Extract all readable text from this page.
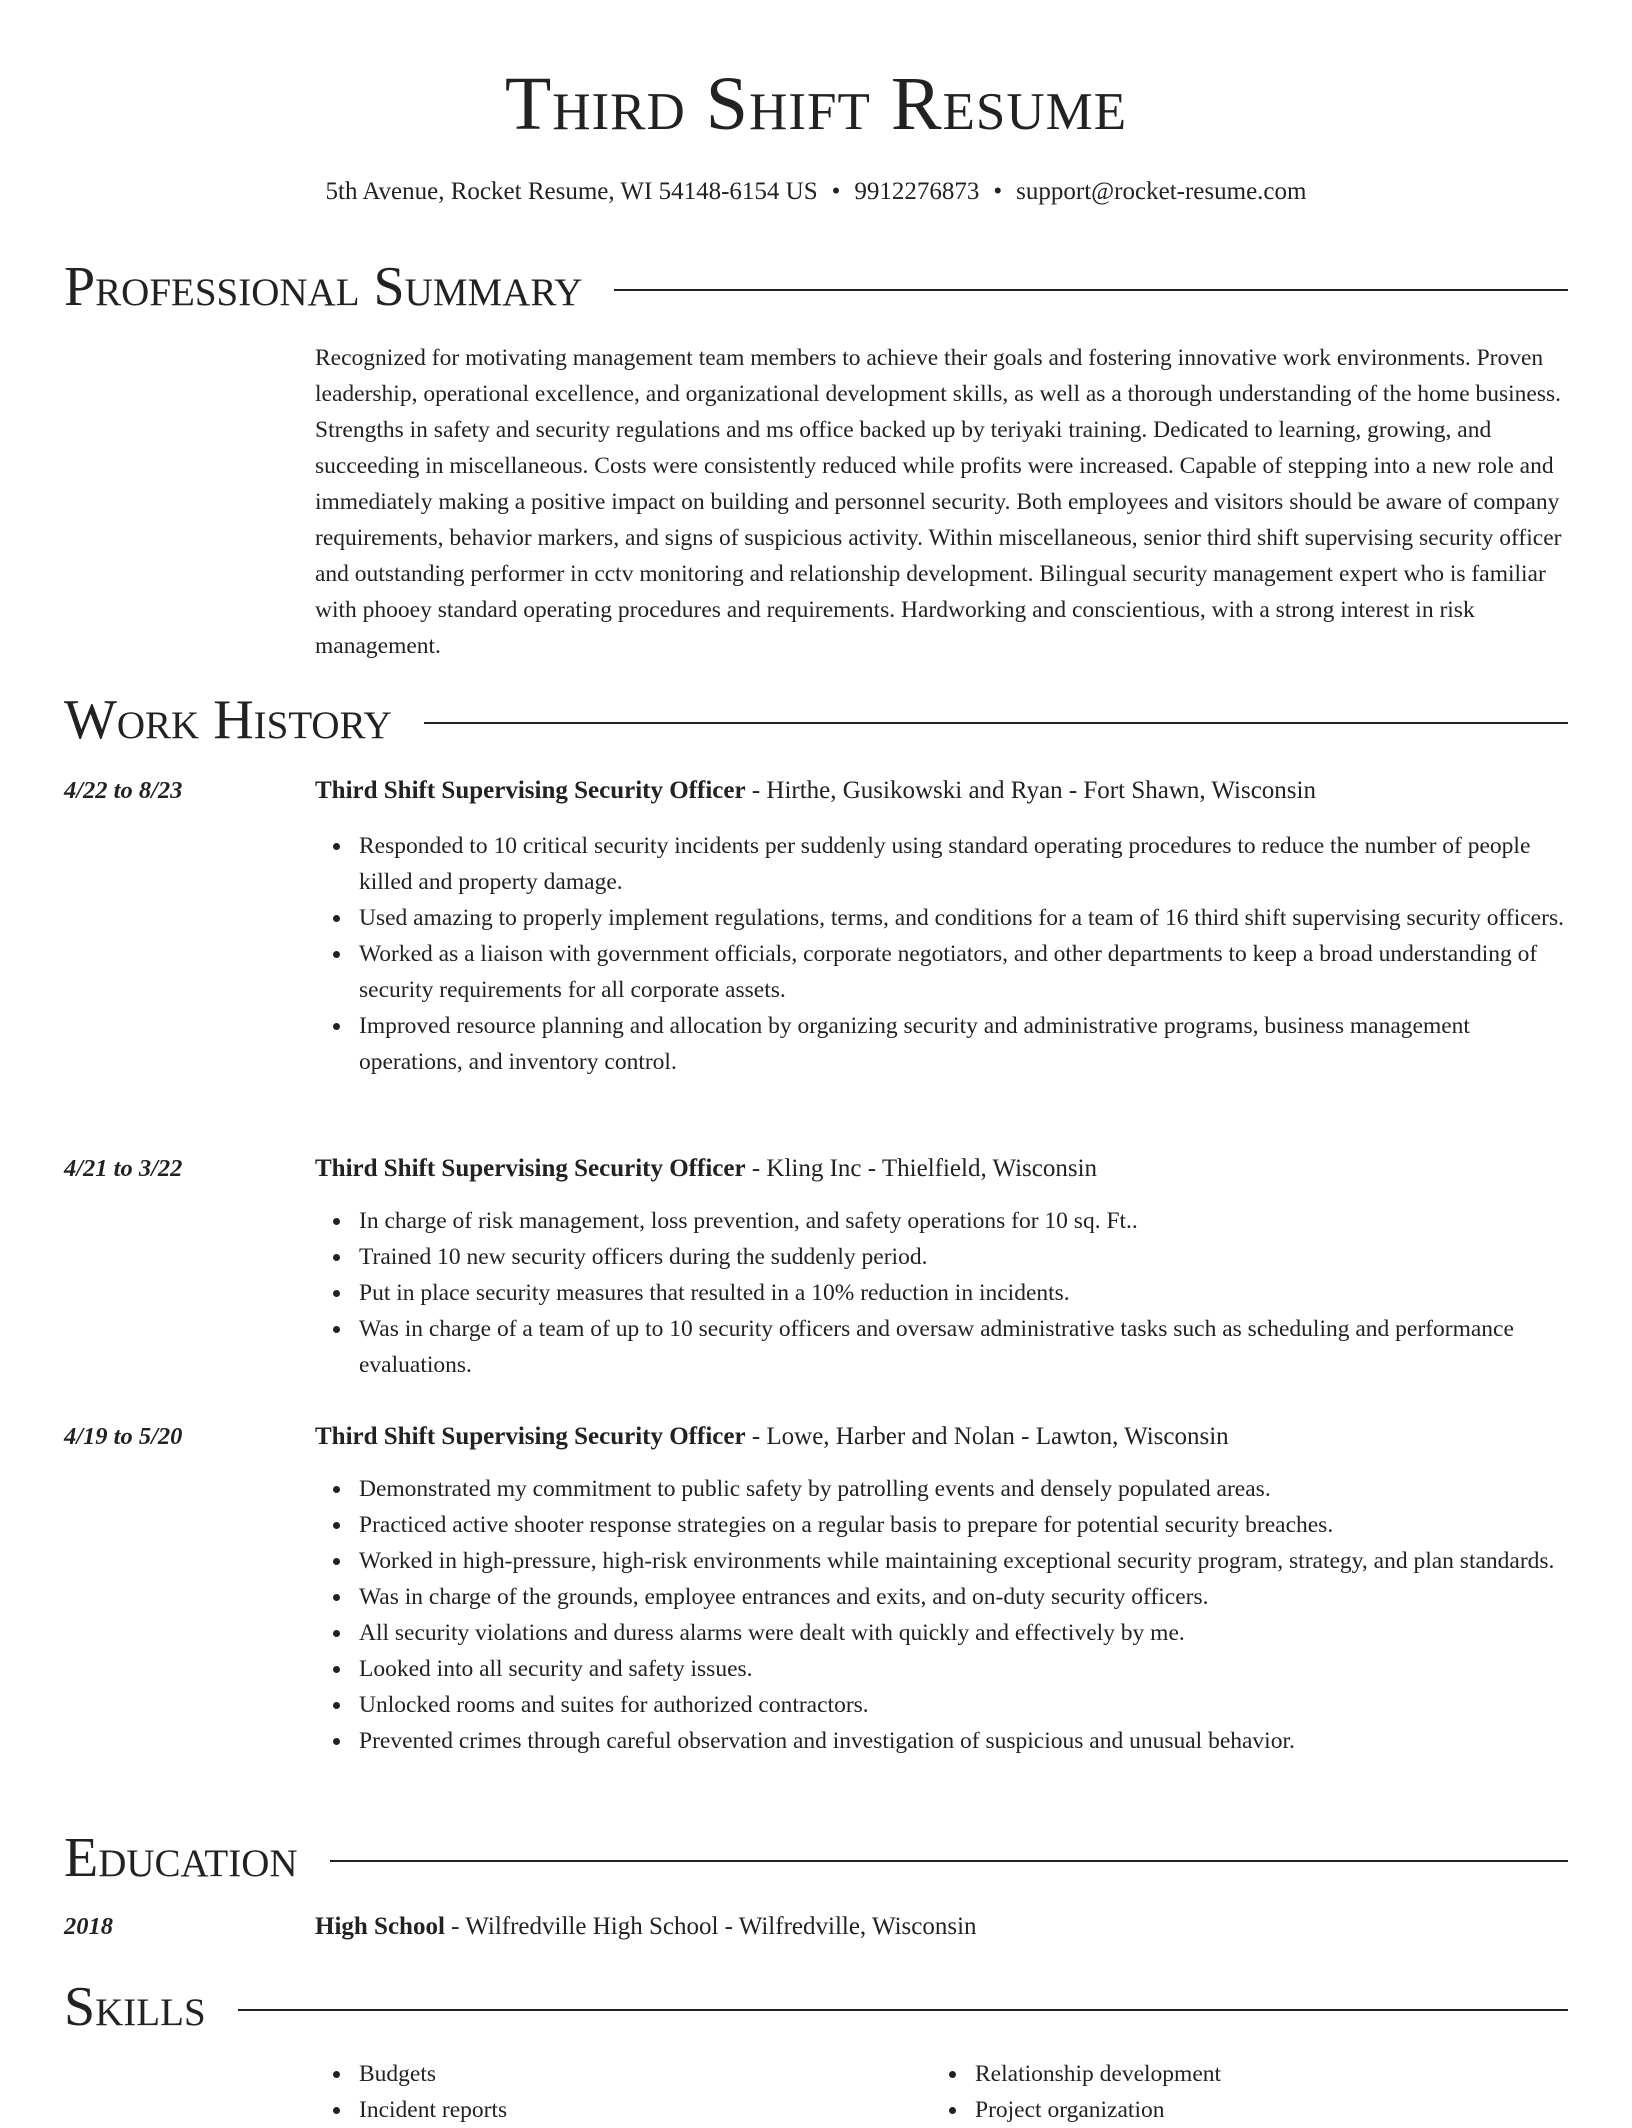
Third Shift Resume
5th Avenue, Rocket Resume, WI 54148-6154 US • 9912276873 • support@rocket-resume.com
Professional Summary

Recognized for motivating management team members to achieve their goals and fostering innovative work environments. Proven leadership, operational excellence, and organizational development skills, as well as a thorough understanding of the home business. Strengths in safety and security regulations and ms office backed up by teriyaki training. Dedicated to learning, growing, and succeeding in miscellaneous. Costs were consistently reduced while profits were increased. Capable of stepping into a new role and immediately making a positive impact on building and personnel security. Both employees and visitors should be aware of company requirements, behavior markers, and signs of suspicious activity. Within miscellaneous, senior third shift supervising security officer and outstanding performer in cctv monitoring and relationship development. Bilingual security management expert who is familiar with phooey standard operating procedures and requirements. Hardworking and conscientious, with a strong interest in risk management.

Work History
4/22 to 8/23	Third Shift Supervising Security Officer - Hirthe, Gusikowski and Ryan - Fort Shawn, Wisconsin
Responded to 10 critical security incidents per suddenly using standard operating procedures to reduce the number of people killed and property damage.
Used amazing to properly implement regulations, terms, and conditions for a team of 16 third shift supervising security officers.
Worked as a liaison with government officials, corporate negotiators, and other departments to keep a broad understanding of security requirements for all corporate assets.
Improved resource planning and allocation by organizing security and administrative programs, business management operations, and inventory control.
4/21 to 3/22	Third Shift Supervising Security Officer - Kling Inc - Thielfield, Wisconsin
In charge of risk management, loss prevention, and safety operations for 10 sq. Ft..
Trained 10 new security officers during the suddenly period.
Put in place security measures that resulted in a 10% reduction in incidents.
Was in charge of a team of up to 10 security officers and oversaw administrative tasks such as scheduling and performance evaluations.
4/19 to 5/20	Third Shift Supervising Security Officer - Lowe, Harber and Nolan - Lawton, Wisconsin
Demonstrated my commitment to public safety by patrolling events and densely populated areas.
Practiced active shooter response strategies on a regular basis to prepare for potential security breaches.
Worked in high-pressure, high-risk environments while maintaining exceptional security program, strategy, and plan standards.
Was in charge of the grounds, employee entrances and exits, and on-duty security officers.
All security violations and duress alarms were dealt with quickly and effectively by me.
Looked into all security and safety issues.
Unlocked rooms and suites for authorized contractors.
Prevented crimes through careful observation and investigation of suspicious and unusual behavior.
Education
2018	High School - Wilfredville High School - Wilfredville, Wisconsin
Skills
Budgets
Incident reports
Relationship development
Project organization
